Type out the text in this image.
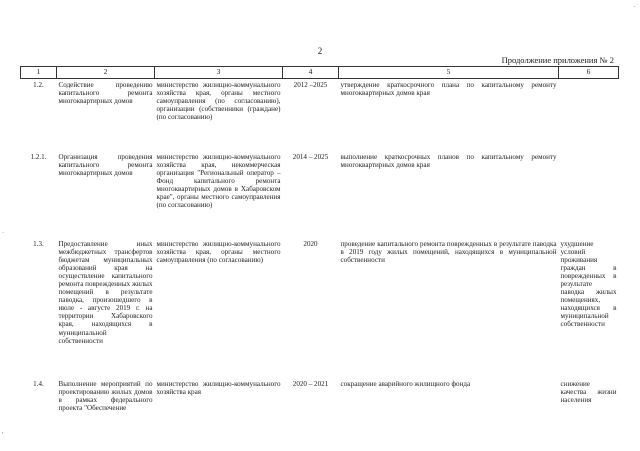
·
.
'
2
Продолжение приложения № 2
1	2	3	4	5	6
1.2.	Содействие проведению капитального ремонта многоквартирных домов	министерство жилищно-коммунального хозяйства края, органы местного самоуправления (по согласованию), организации (собственники (граждане) (по согласованию)	2012 –2025	утверждение краткосрочного плана по капитальному ремонту многоквартирных домов края	
1.2.1.	Организация проведения капитального ремонта многоквартирных домов	министерство жилищно-коммунального хозяйства края, некоммерческая организация "Региональный оператор – Фонд капитального ремонта многоквартирных домов в Хабаровском крае", органы местного самоуправления (по согласованию)	2014 – 2025	выполнение краткосрочных планов по капитальному ремонту многоквартирных домов края	
1.3.	Предоставление иных межбюджетных трансфертов бюджетам муниципальных образований края на осуществление капитального ремонта поврежденных жилых помещений в результате паводка, произошедшего в июле - августе 2019 г. на территории Хабаровского края, находящихся в муниципальной собственности	министерство жилищно-коммунального хозяйства края, органы местного самоуправления (по согласованию)	2020	проведение капитального ремонта поврежденных в результате паводка в 2019 году жилых помещений, находящихся в муниципальной собственности	ухудшение условий проживания граждан в поврежденных в результате паводка жилых помещениях, находящихся в муниципальной собственности
1.4.	Выполнение мероприятий по проектированию жилых домов в рамках федерального проекта "Обеспечение	министерство жилищно-коммунального хозяйства края	2020 – 2021	сокращение аварийного жилищного фонда	снижение качества жизни населения
